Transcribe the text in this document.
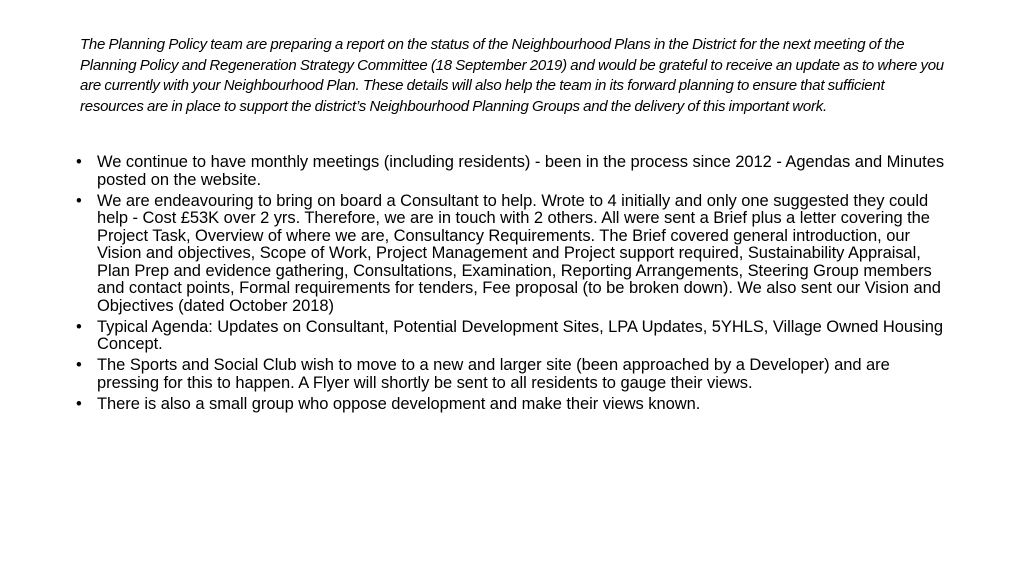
The Planning Policy team are preparing a report on the status of the Neighbourhood Plans in the District for the next meeting of the Planning Policy and Regeneration Strategy Committee (18 September 2019) and would be grateful to receive an update as to where you are currently with your Neighbourhood Plan. These details will also help the team in its forward planning to ensure that sufficient resources are in place to support the district’s Neighbourhood Planning Groups and the delivery of this important work.

• We continue to have monthly meetings (including residents) - been in the process since 2012 - Agendas and Minutes posted on the website.
• We are endeavouring to bring on board a Consultant to help. Wrote to 4 initially and only one suggested they could help - Cost £53K over 2 yrs. Therefore, we are in touch with 2 others. All were sent a Brief plus a letter covering the Project Task, Overview of where we are, Consultancy Requirements. The Brief covered general introduction, our Vision and objectives, Scope of Work, Project Management and Project support required, Sustainability Appraisal, Plan Prep and evidence gathering, Consultations, Examination, Reporting Arrangements, Steering Group members and contact points, Formal requirements for tenders, Fee proposal (to be broken down). We also sent our Vision and Objectives (dated October 2018)
• Typical Agenda: Updates on Consultant, Potential Development Sites, LPA Updates, 5YHLS, Village Owned Housing Concept.
• The Sports and Social Club wish to move to a new and larger site (been approached by a Developer) and are pressing for this to happen. A Flyer will shortly be sent to all residents to gauge their views.
• There is also a small group who oppose development and make their views known.
